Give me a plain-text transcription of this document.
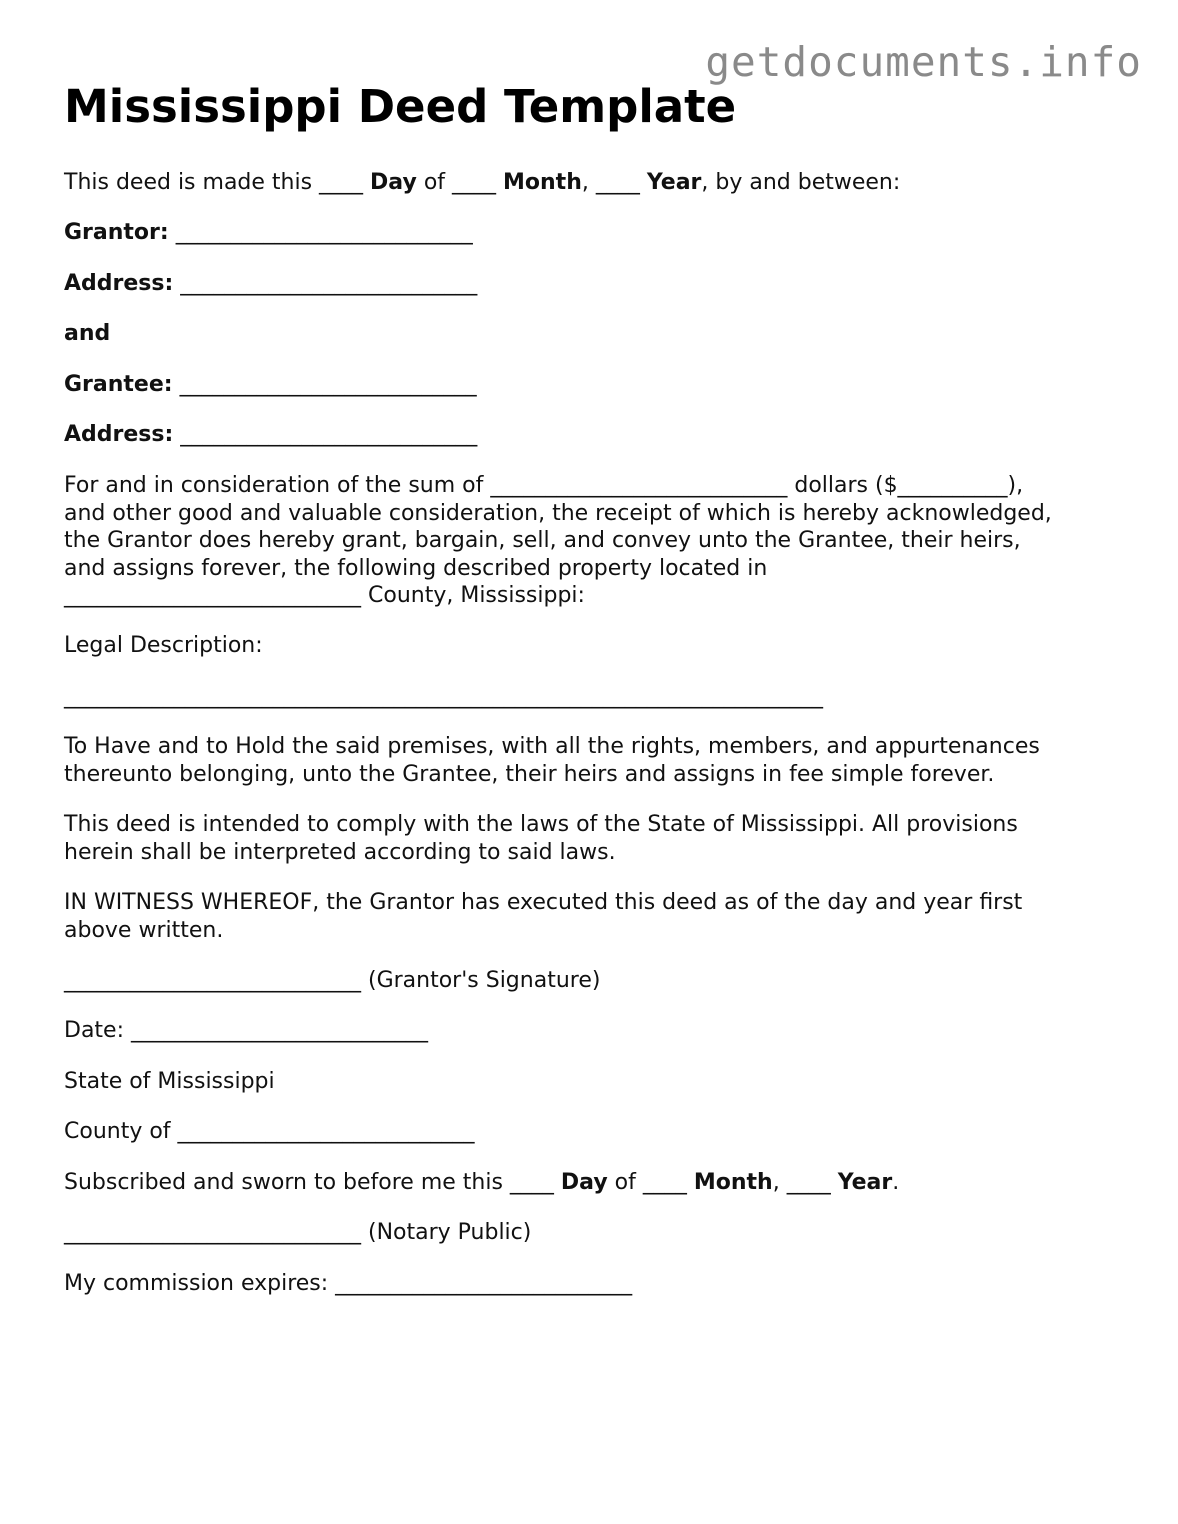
getdocuments.info
Mississippi Deed Template
This deed is made this ____ Day of ____ Month, ____ Year, by and between:
Grantor: ___________________________
Address: ___________________________
and
Grantee: ___________________________
Address: ___________________________
For and in consideration of the sum of ___________________________ dollars ($__________),
and other good and valuable consideration, the receipt of which is hereby acknowledged,
the Grantor does hereby grant, bargain, sell, and convey unto the Grantee, their heirs,
and assigns forever, the following described property located in
___________________________ County, Mississippi:
Legal Description:
_____________________________________________________________________
To Have and to Hold the said premises, with all the rights, members, and appurtenances
thereunto belonging, unto the Grantee, their heirs and assigns in fee simple forever.
This deed is intended to comply with the laws of the State of Mississippi. All provisions
herein shall be interpreted according to said laws.
IN WITNESS WHEREOF, the Grantor has executed this deed as of the day and year first
above written.
___________________________ (Grantor's Signature)
Date: ___________________________
State of Mississippi
County of ___________________________
Subscribed and sworn to before me this ____ Day of ____ Month, ____ Year.
___________________________ (Notary Public)
My commission expires: ___________________________
